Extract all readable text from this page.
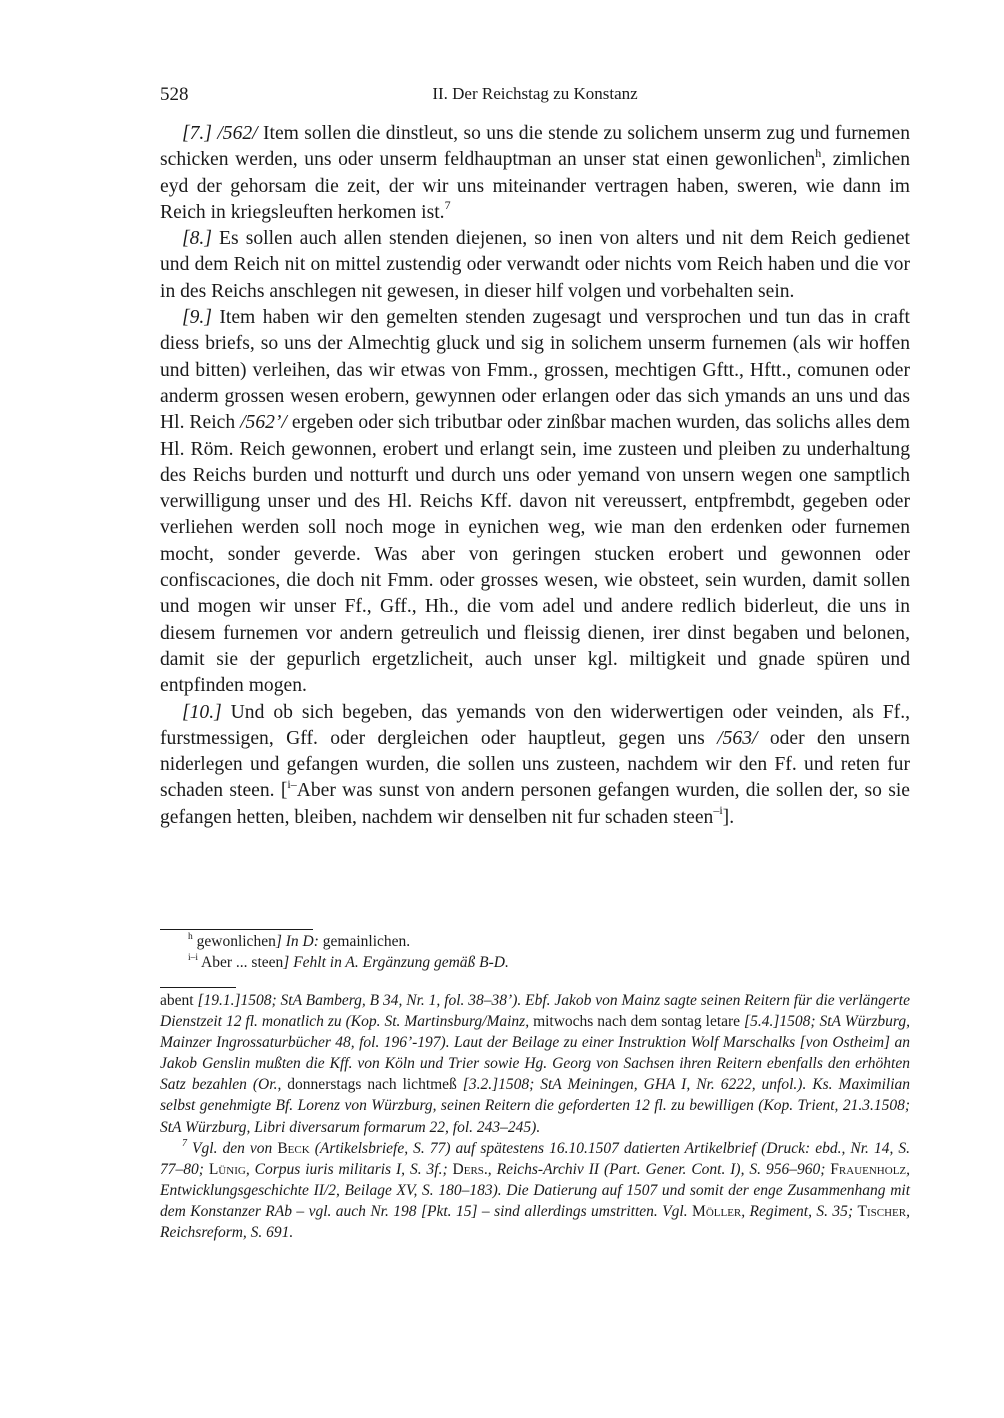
528	II. Der Reichstag zu Konstanz

[7.] /562/ Item sollen die dinstleut, so uns die stende zu solichem unserm zug und furnemen schicken werden, uns oder unserm feldhauptman an unser stat einen gewonlichen$^h$, zimlichen eyd der gehorsam die zeit, der wir uns miteinander vertragen haben, sweren, wie dann im Reich in kriegsleuften herkomen ist.$^7$

[8.] Es sollen auch allen stenden diejenen, so inen von alters und nit dem Reich gedienet und dem Reich nit on mittel zustendig oder verwandt oder nichts vom Reich haben und die vor in des Reichs anschlegen nit gewesen, in dieser hilf volgen und vorbehalten sein.

[9.] Item haben wir den gemelten stenden zugesagt und versprochen und tun das in craft diess briefs, so uns der Almechtig gluck und sig in solichem unserm furnemen (als wir hoffen und bitten) verleihen, das wir etwas von Fmm., grossen, mechtigen Gftt., Hftt., comunen oder anderm grossen wesen erobern, gewynnen oder erlangen oder das sich ymands an uns und das Hl. Reich /562’/ ergeben oder sich tributbar oder zinßbar machen wurden, das solichs alles dem Hl. Röm. Reich gewonnen, erobert und erlangt sein, ime zusteen und pleiben zu underhaltung des Reichs burden und notturft und durch uns oder yemand von unsern wegen one samptlich verwilligung unser und des Hl. Reichs Kff. davon nit vereussert, entpfrembdt, gegeben oder verliehen werden soll noch moge in eynichen weg, wie man den erdenken oder furnemen mocht, sonder geverde. Was aber von geringen stucken erobert und gewonnen oder confiscaciones, die doch nit Fmm. oder grosses wesen, wie obsteet, sein wurden, damit sollen und mogen wir unser Ff., Gff., Hh., die vom adel und andere redlich biderleut, die uns in diesem furnemen vor andern getreulich und fleissig dienen, irer dinst begaben und belonen, damit sie der gepurlich ergetzlicheit, auch unser kgl. miltigkeit und gnade spüren und entpfinden mogen.

[10.] Und ob sich begeben, das yemands von den widerwertigen oder veinden, als Ff., furstmessigen, Gff. oder dergleichen oder hauptleut, gegen uns /563/ oder den unsern niderlegen und gefangen wurden, die sollen uns zusteen, nachdem wir den Ff. und reten fur schaden steen. [$^{i-}$Aber was sunst von andern personen gefangen wurden, die sollen der, so sie gefangen hetten, bleiben, nachdem wir denselben nit fur schaden steen$^{-i}$].

$^h$ gewonlichen] In D: gemainlichen.
$^{i-i}$ Aber ... steen] Fehlt in A. Ergänzung gemäß B-D.

abent [19.1.]1508; StA Bamberg, B 34, Nr. 1, fol. 38–38’). Ebf. Jakob von Mainz sagte seinen Reitern für die verlängerte Dienstzeit 12 fl. monatlich zu (Kop. St. Martinsburg/Mainz, mitwochs nach dem sontag letare [5.4.]1508; StA Würzburg, Mainzer Ingrossaturbücher 48, fol. 196’-197). Laut der Beilage zu einer Instruktion Wolf Marschalks [von Ostheim] an Jakob Genslin mußten die Kff. von Köln und Trier sowie Hg. Georg von Sachsen ihren Reitern ebenfalls den erhöhten Satz bezahlen (Or., donnerstags nach lichtmeß [3.2.]1508; StA Meiningen, GHA I, Nr. 6222, unfol.). Ks. Maximilian selbst genehmigte Bf. Lorenz von Würzburg, seinen Reitern die geforderten 12 fl. zu bewilligen (Kop. Trient, 21.3.1508; StA Würzburg, Libri diversarum formarum 22, fol. 243–245).

$^7$ Vgl. den von Beck (Artikelsbriefe, S. 77) auf spätestens 16.10.1507 datierten Artikelbrief (Druck: ebd., Nr. 14, S. 77–80; Lünig, Corpus iuris militaris I, S. 3f.; Ders., Reichs-Archiv II (Part. Gener. Cont. I), S. 956–960; Frauenholz, Entwicklungsgeschichte II/2, Beilage XV, S. 180–183). Die Datierung auf 1507 und somit der enge Zusammenhang mit dem Konstanzer RAb – vgl. auch Nr. 198 [Pkt. 15] – sind allerdings umstritten. Vgl. Möller, Regiment, S. 35; Tischer, Reichsreform, S. 691.
